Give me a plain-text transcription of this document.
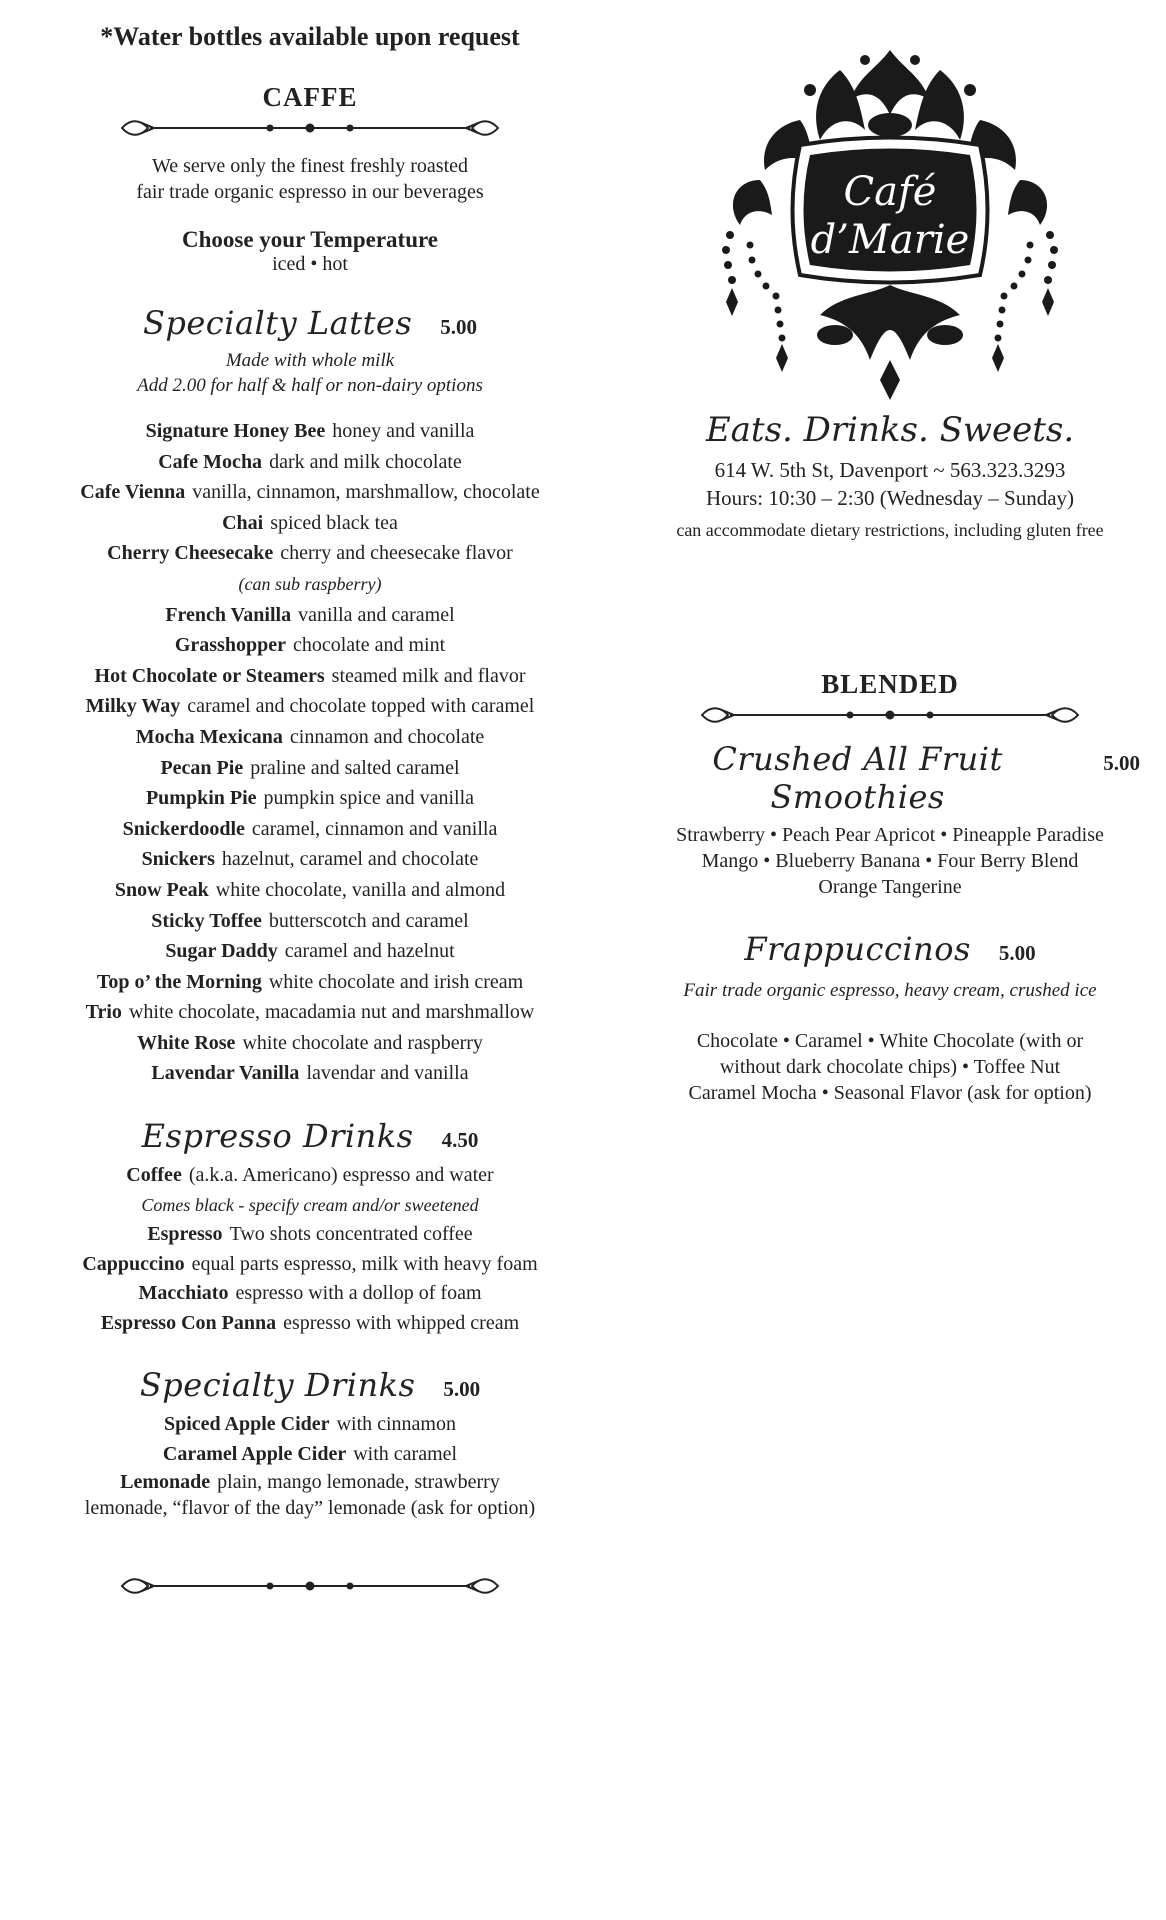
*Water bottles available upon request

CAFFE

We serve only the finest freshly roasted

fair trade organic espresso in our beverages

Choose your Temperature

iced • hot

Specialty Lattes 5.00

Made with whole milk

Add 2.00 for half & half or non-dairy options

Signature Honey Bee honey and vanilla
Cafe Mocha dark and milk chocolate
Cafe Vienna vanilla, cinnamon, marshmallow, chocolate
Chai spiced black tea
Cherry Cheesecake cherry and cheesecake flavor
(can sub raspberry)
French Vanilla vanilla and caramel
Grasshopper chocolate and mint
Hot Chocolate or Steamers steamed milk and flavor
Milky Way caramel and chocolate topped with caramel
Mocha Mexicana cinnamon and chocolate
Pecan Pie praline and salted caramel
Pumpkin Pie pumpkin spice and vanilla
Snickerdoodle caramel, cinnamon and vanilla
Snickers hazelnut, caramel and chocolate
Snow Peak white chocolate, vanilla and almond
Sticky Toffee butterscotch and caramel
Sugar Daddy caramel and hazelnut
Top o’ the Morning white chocolate and irish cream
Trio white chocolate, macadamia nut and marshmallow
White Rose white chocolate and raspberry
Lavendar Vanilla lavendar and vanilla
Espresso Drinks 4.50
Coffee (a.k.a. Americano) espresso and water
Comes black - specify cream and/or sweetened
Espresso Two shots concentrated coffee
Cappuccino equal parts espresso, milk with heavy foam
Macchiato espresso with a dollop of foam
Espresso Con Panna espresso with whipped cream
Specialty Drinks 5.00
Spiced Apple Cider with cinnamon
Caramel Apple Cider with caramel
Lemonade plain, mango lemonade, strawberry
lemonade, “flavor of the day” lemonade (ask for option)
Café
d’Marie

Eats. Drinks. Sweets.

614 W. 5th St, Davenport ~ 563.323.3293

Hours: 10:30 – 2:30 (Wednesday – Sunday)

can accommodate dietary restrictions, including gluten free

BLENDED
Crushed All Fruit Smoothies
5.00

Strawberry • Peach Pear Apricot • Pineapple Paradise

Mango • Blueberry Banana • Four Berry Blend

Orange Tangerine

Frappuccinos 5.00

Fair trade organic espresso, heavy cream, crushed ice

Chocolate • Caramel • White Chocolate (with or

without dark chocolate chips) • Toffee Nut

Caramel Mocha • Seasonal Flavor (ask for option)
